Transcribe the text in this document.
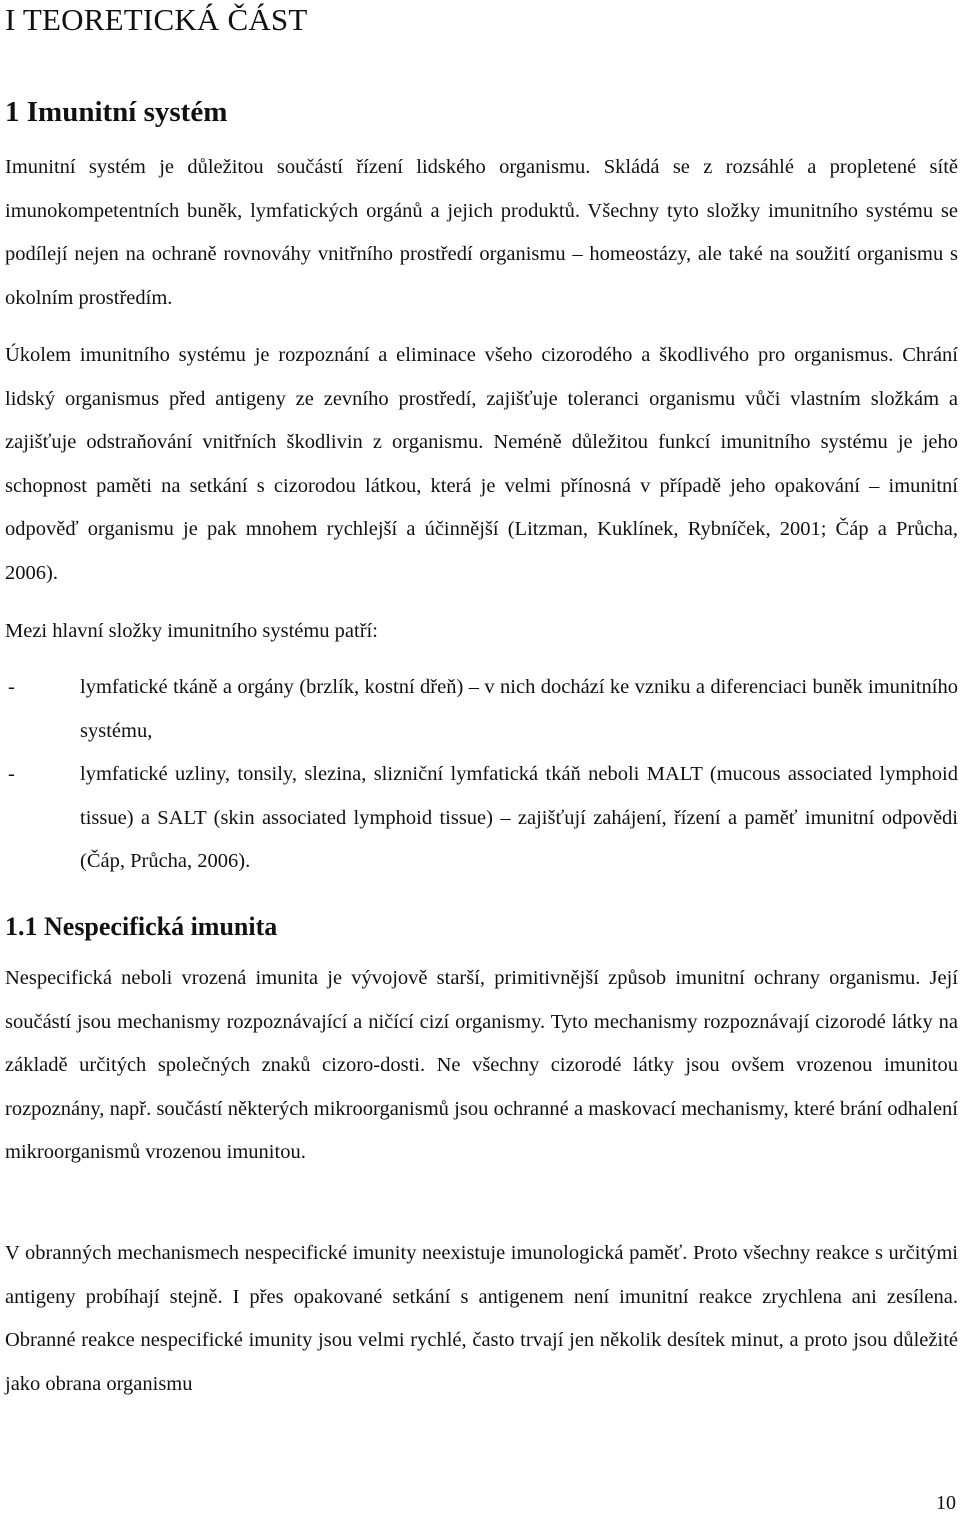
I TEORETICKÁ ČÁST
1 Imunitní systém

Imunitní systém je důležitou součástí řízení lidského organismu. Skládá se z rozsáhlé a propletené sítě imunokompetentních buněk, lymfatických orgánů a jejich produktů. Všechny tyto složky imunitního systému se podílejí nejen na ochraně rovnováhy vnitřního prostředí organismu – homeostázy, ale také na soužití organismu s okolním prostředím.

Úkolem imunitního systému je rozpoznání a eliminace všeho cizorodého a škodlivého pro organismus. Chrání lidský organismus před antigeny ze zevního prostředí, zajišťuje toleranci organismu vůči vlastním složkám a zajišťuje odstraňování vnitřních škodlivin z organismu. Neméně důležitou funkcí imunitního systému je jeho schopnost paměti na setkání s cizorodou látkou, která je velmi přínosná v případě jeho opakování – imunitní odpověď organismu je pak mnohem rychlejší a účinnější (Litzman, Kuklínek, Rybníček, 2001; Čáp a Průcha, 2006).

Mezi hlavní složky imunitního systému patří:

-	lymfatické tkáně a orgány (brzlík, kostní dřeň) – v nich dochází ke vzniku a diferenciaci buněk imunitního systému,
-	lymfatické uzliny, tonsily, slezina, slizniční lymfatická tkáň neboli MALT (mucous associated lymphoid tissue) a SALT (skin associated lymphoid tissue) – zajišťují zahájení, řízení a paměť imunitní odpovědi (Čáp, Průcha, 2006).
1.1 Nespecifická imunita

Nespecifická neboli vrozená imunita je vývojově starší, primitivnější způsob imunitní ochrany organismu. Její součástí jsou mechanismy rozpoznávající a ničící cizí organismy. Tyto mechanismy rozpoznávají cizorodé látky na základě určitých společných znaků cizoro-dosti. Ne všechny cizorodé látky jsou ovšem vrozenou imunitou rozpoznány, např. součástí některých mikroorganismů jsou ochranné a maskovací mechanismy, které brání odhalení mikroorganismů vrozenou imunitou.

V obranných mechanismech nespecifické imunity neexistuje imunologická paměť. Proto všechny reakce s určitými antigeny probíhají stejně. I přes opakované setkání s antigenem není imunitní reakce zrychlena ani zesílena. Obranné reakce nespecifické imunity jsou velmi rychlé, často trvají jen několik desítek minut, a proto jsou důležité jako obrana organismu

10
